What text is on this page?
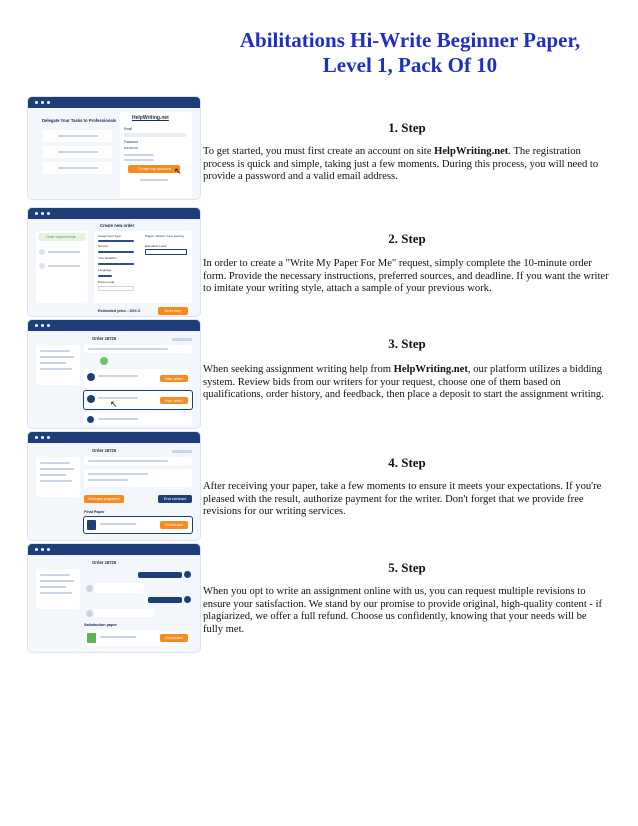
Abilitations Hi-Write Beginner Paper,
Level 1, Pack Of 10
Delegate Your Tasks to Professionals	HelpWriting.net
Email
Password
••••••••••
Create my account ↖
Create new order
Order requirements	Assignment Type	Pages / Words / Line spacing
Service	Education Level
Your Deadline
Language
Promo code
Estimated price - $XX.X	Next step
Order 18726
Hire writer
↖	Hire writer
Order 18726
Release payment	End contract
Final Paper
Download
Order 18726
Satisfaction paper
Download
1. Step
To get started, you must first create an account on site HelpWriting.net. The registration process is quick and simple, taking just a few moments. During this process, you will need to provide a password and a valid email address.
2. Step
In order to create a "Write My Paper For Me" request, simply complete the 10-minute order form. Provide the necessary instructions, preferred sources, and deadline. If you want the writer to imitate your writing style, attach a sample of your previous work.
3. Step
When seeking assignment writing help from HelpWriting.net, our platform utilizes a bidding system. Review bids from our writers for your request, choose one of them based on qualifications, order history, and feedback, then place a deposit to start the assignment writing.
4. Step
After receiving your paper, take a few moments to ensure it meets your expectations. If you're pleased with the result, authorize payment for the writer. Don't forget that we provide free revisions for our writing services.
5. Step
When you opt to write an assignment online with us, you can request multiple revisions to ensure your satisfaction. We stand by our promise to provide original, high-quality content - if plagiarized, we offer a full refund. Choose us confidently, knowing that your needs will be fully met.
